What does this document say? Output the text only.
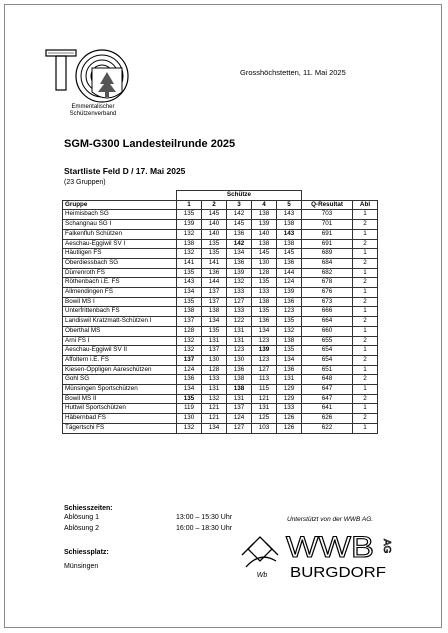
Emmentalischer
Schützenverband
Grosshöchstetten, 11. Mai 2025
SGM-G300 Landesteilrunde 2025
Startliste Feld D / 17. Mai 2025
(23 Gruppen)
	Schütze						
Gruppe	1	2	3	4	5	Q-Resultat	Abl
Heimisbach SG	135	145	142	138	143	703	1
Schangnau SG I	139	140	145	139	138	701	2
Falkenfluh Schützen	132	140	136	140	143	691	1
Aeschau-Eggiwil SV I	138	135	142	138	138	691	2
Häutligen FS	132	135	134	145	145	689	1
Oberdiessbach SG	141	141	136	130	136	684	2
Dürrenroth FS	135	136	139	128	144	682	1
Röthenbach i.E. FS	143	144	132	135	124	678	2
Allmendingen FS	134	137	133	133	139	676	1
Bowil MS I	135	137	127	138	136	673	2
Unterfrittenbach FS	138	138	133	135	123	666	1
Landiswil Kratzmatt-Schützen I	137	134	122	136	135	664	2
Oberthal MS	128	135	131	134	132	660	1
Arni FS I	132	131	131	123	138	655	2
Aeschau-Eggiwil SV II	132	137	123	139	135	654	1
Affoltern i.E. FS	137	130	130	123	134	654	2
Kiesen-Oppligen Aareschützen	124	128	136	127	136	651	1
Gohl SG	136	133	138	113	131	648	2
Münsingen Sportschützen	134	131	138	115	129	647	1
Bowil MS II	135	132	131	121	129	647	2
Huttwil Sportschützen	119	121	137	131	133	641	1
Häbernbad FS	130	121	124	125	126	626	2
Tägertschi FS	132	134	127	103	126	622	1
Schiesszeiten:
Ablösung 1	13:00 – 15:30 Uhr
Ablösung 2	16:00 – 18:30 Uhr
Unterstützt von der WWB AG.
Schiessplatz:
Münsingen
Wb
WWB AG
BURGDORF
